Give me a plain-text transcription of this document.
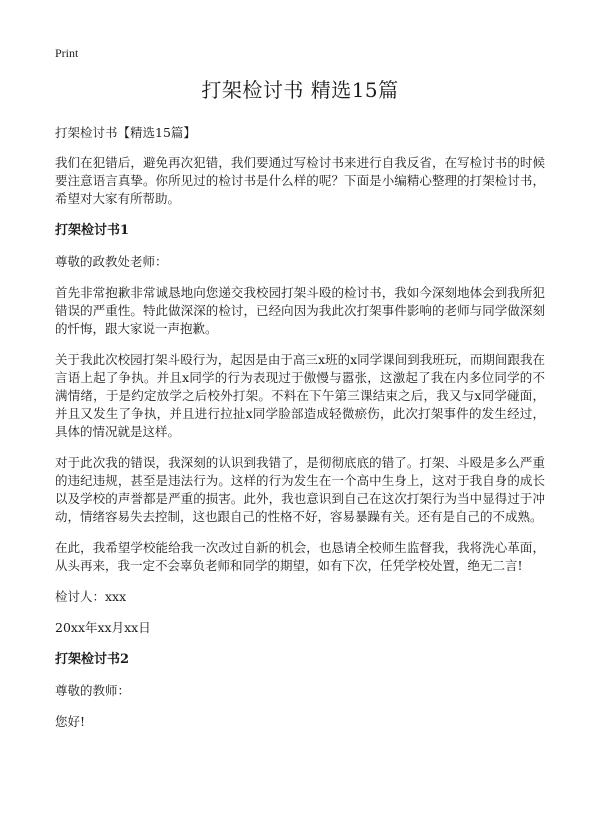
Print
打架检讨书 精选15篇
打架检讨书【精选15篇】

我们在犯错后，避免再次犯错，我们要通过写检讨书来进行自我反省，在写检讨书的时候要注意语言真挚。你所见过的检讨书是什么样的呢？下面是小编精心整理的打架检讨书，希望对大家有所帮助。

打架检讨书1

尊敬的政教处老师：

首先非常抱歉非常诚恳地向您递交我校园打架斗殴的检讨书，我如今深刻地体会到我所犯错误的严重性。特此做深深的检讨，已经向因为我此次打架事件影响的老师与同学做深刻的忏悔，跟大家说一声抱歉。

关于我此次校园打架斗殴行为，起因是由于高三x班的x同学课间到我班玩，而期间跟我在言语上起了争执。并且x同学的行为表现过于傲慢与嚣张，这激起了我在内多位同学的不满情绪，于是约定放学之后校外打架。不料在下午第三课结束之后，我又与x同学碰面，并且又发生了争执，并且进行拉扯x同学脸部造成轻微瘀伤，此次打架事件的发生经过，具体的情况就是这样。

对于此次我的错误，我深刻的认识到我错了，是彻彻底底的错了。打架、斗殴是多么严重的违纪违规，甚至是违法行为。这样的行为发生在一个高中生身上，这对于我自身的成长以及学校的声誉都是严重的损害。此外，我也意识到自己在这次打架行为当中显得过于冲动，情绪容易失去控制，这也跟自己的性格不好，容易暴躁有关。还有是自己的不成熟。

在此，我希望学校能给我一次改过自新的机会，也恳请全校师生监督我，我将洗心革面，从头再来，我一定不会辜负老师和同学的期望，如有下次，任凭学校处置，绝无二言!

检讨人：xxx

20xx年xx月xx日

打架检讨书2

尊敬的教师：

您好!
